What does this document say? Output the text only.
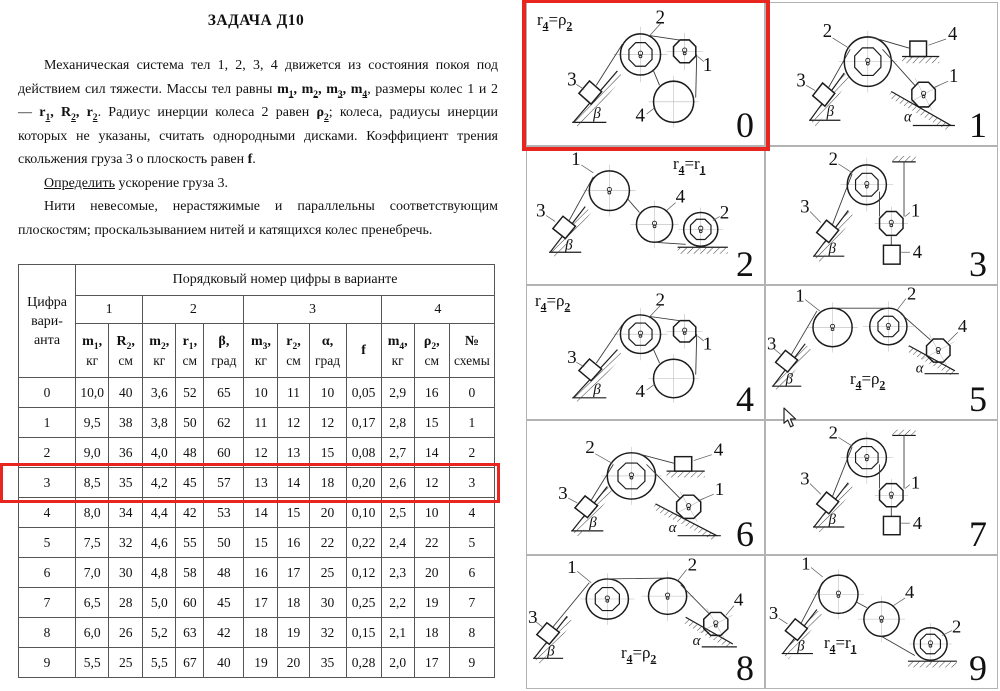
ЗАДАЧА Д10

Механическая система тел 1, 2, 3, 4 движется из состояния покоя под действием сил тяжести. Массы тел равны $m_1$, $m_2$, $m_3$, $m_4$, размеры колес 1 и 2 — $r_1$, $R_2$, $r_2$. Радиус инерции колеса 2 равен $\rho_2$; колеса, радиусы инерции которых не указаны, считать однородными дисками. Коэффициент трения скольжения груза 3 о плоскость равен f.

Определить ускорение груза 3.

Нити невесомые, нерастяжимые и параллельны соответствующим плоскостям; проскальзыванием нитей и катящихся колес пренебречь.

Цифра
вари-
анта	Порядковый номер цифры в варианте											
	1		2			3				4		

$m_1$,
кг

$R_2$,
см

$m_2$,
кг

$r_1$,
см

β,
град

$m_3$,
кг

$r_2$,
см

α,
град

f

$m_4$,
кг

$\rho_2$,
см

№
схемы

0	10,0	40	3,6	52	65	10	11	10	0,05	2,9	16	0
1	9,5	38	3,8	50	62	11	12	12	0,17	2,8	15	1
2	9,0	36	4,0	48	60	12	13	15	0,08	2,7	14	2
3	8,5	35	4,2	45	57	13	14	18	0,20	2,6	12	3
4	8,0	34	4,4	42	53	14	15	20	0,10	2,5	10	4
5	7,5	32	4,6	55	50	15	16	22	0,22	2,4	22	5
6	7,0	30	4,8	58	48	16	17	25	0,12	2,3	20	6
7	6,5	28	5,0	60	45	17	18	30	0,25	2,2	19	7
8	6,0	26	5,2	63	42	18	19	32	0,15	2,1	18	8
9	5,5	25	5,5	67	40	19	20	35	0,28	2,0	17	9
2
1
4
3
β
$r_4=\rho_2$
0
2	4
1
3
β	α 1
1
4
2
3
β
$r_4=r_1$
2
2
1
4
3
β	3
2
1
4
3
β
$r_4=\rho_2$
4
1	2
4
3
β
α
$r_4=\rho_2$ 5
2	4
1
3
β	α 6
2
1
4
3
β	7
1	2
4
3
β
α
$r_4=\rho_2$ 8
1
4
2
3
β $r_4=r_1$	9
